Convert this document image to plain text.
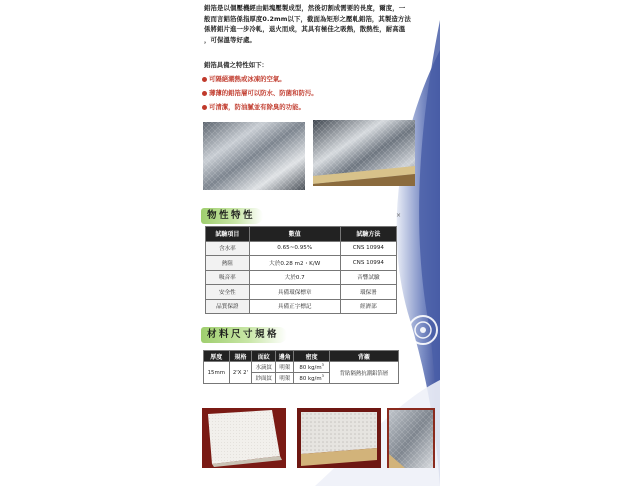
鋁箔是以個壓機經由鋁塊壓製成型，然後切割成需要的長度，爾度，一

般而言鋁箔係指厚度0.2mm以下，截面為矩形之壓軋鋁箔，其製造方法

係將鋁片進一步冷軋，退火而成，其具有極佳之吸熱，散熱性，耐高溫

，可保溫等好處。

鋁箔具備之特性如下：
可隔絕潮熱或冰凍的空氣。
薄薄的鋁箔層可以防水、防菌和防污。
可清潔，防油膩並有除臭的功能。
物性特性	×
試驗項目	數值	試驗方法
含水率	0.65~0.95%	CNS 10994
熱阻	大於0.28 m2・K/W	CNS 10994
吸音率	大於0.7	音響試驗
安全性	具備環保標章	環保署
品質保證	具備正字標記	經濟部
材料尺寸規格
厚度	規格	面紋	邊角	密度	背襯
15mm	2'X 2'	水滴紋	明架	80 $kg/m^3$	背貼隔熱抗潮鋁箔層
		紗面紋	明架	80 $kg/m^3$
